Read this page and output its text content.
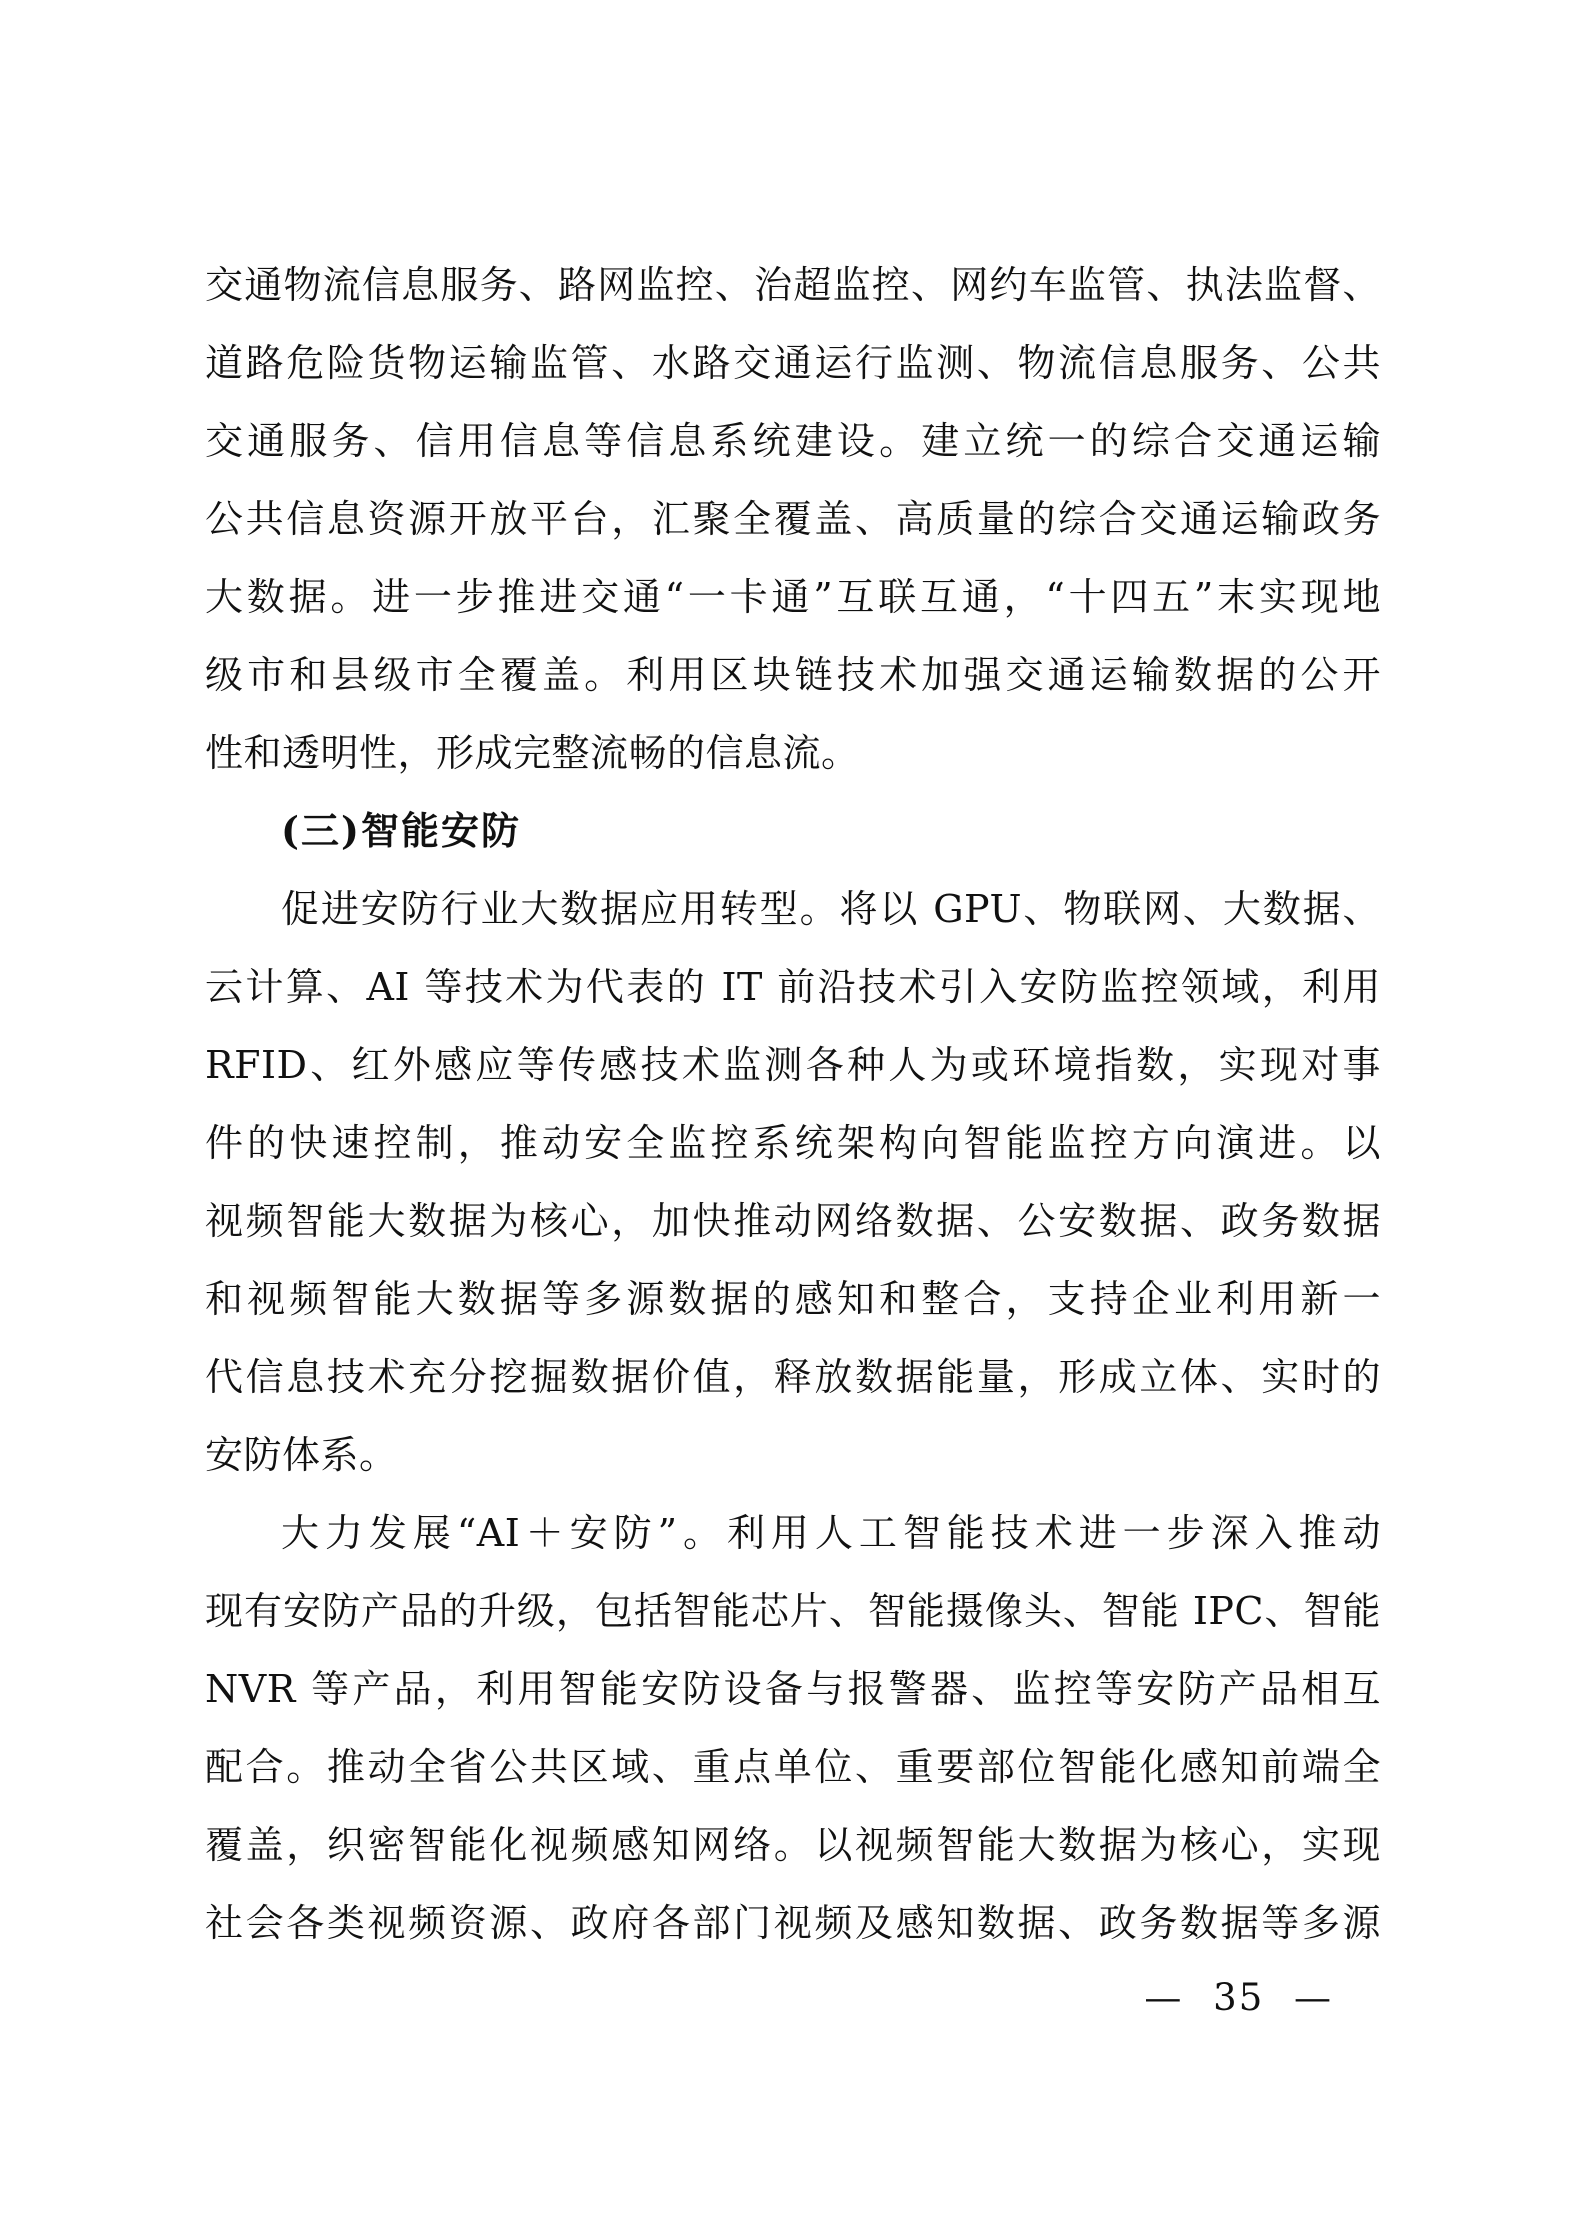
交通物流信息服务、路网监控、治超监控、网约车监管、执法监督、
道路危险货物运输监管、水路交通运行监测、物流信息服务、公共
交通服务、信用信息等信息系统建设。建立统一的综合交通运输
公共信息资源开放平台，汇聚全覆盖、高质量的综合交通运输政务
大数据。进一步推进交通“一卡通”互联互通，“十四五”末实现地
级市和县级市全覆盖。利用区块链技术加强交通运输数据的公开
性和透明性，形成完整流畅的信息流。
(三)智能安防
促进安防行业大数据应用转型。将以 GPU、物联网、大数据、
云计算、AI 等技术为代表的 IT 前沿技术引入安防监控领域，利用
RFID、红外感应等传感技术监测各种人为或环境指数，实现对事
件的快速控制，推动安全监控系统架构向智能监控方向演进。以
视频智能大数据为核心，加快推动网络数据、公安数据、政务数据
和视频智能大数据等多源数据的感知和整合，支持企业利用新一
代信息技术充分挖掘数据价值，释放数据能量，形成立体、实时的
安防体系。
大力发展“AI＋安防”。利用人工智能技术进一步深入推动
现有安防产品的升级，包括智能芯片、智能摄像头、智能 IPC、智能
NVR 等产品，利用智能安防设备与报警器、监控等安防产品相互
配合。推动全省公共区域、重点单位、重要部位智能化感知前端全
覆盖，织密智能化视频感知网络。以视频智能大数据为核心，实现
社会各类视频资源、政府各部门视频及感知数据、政务数据等多源
— 35 —
